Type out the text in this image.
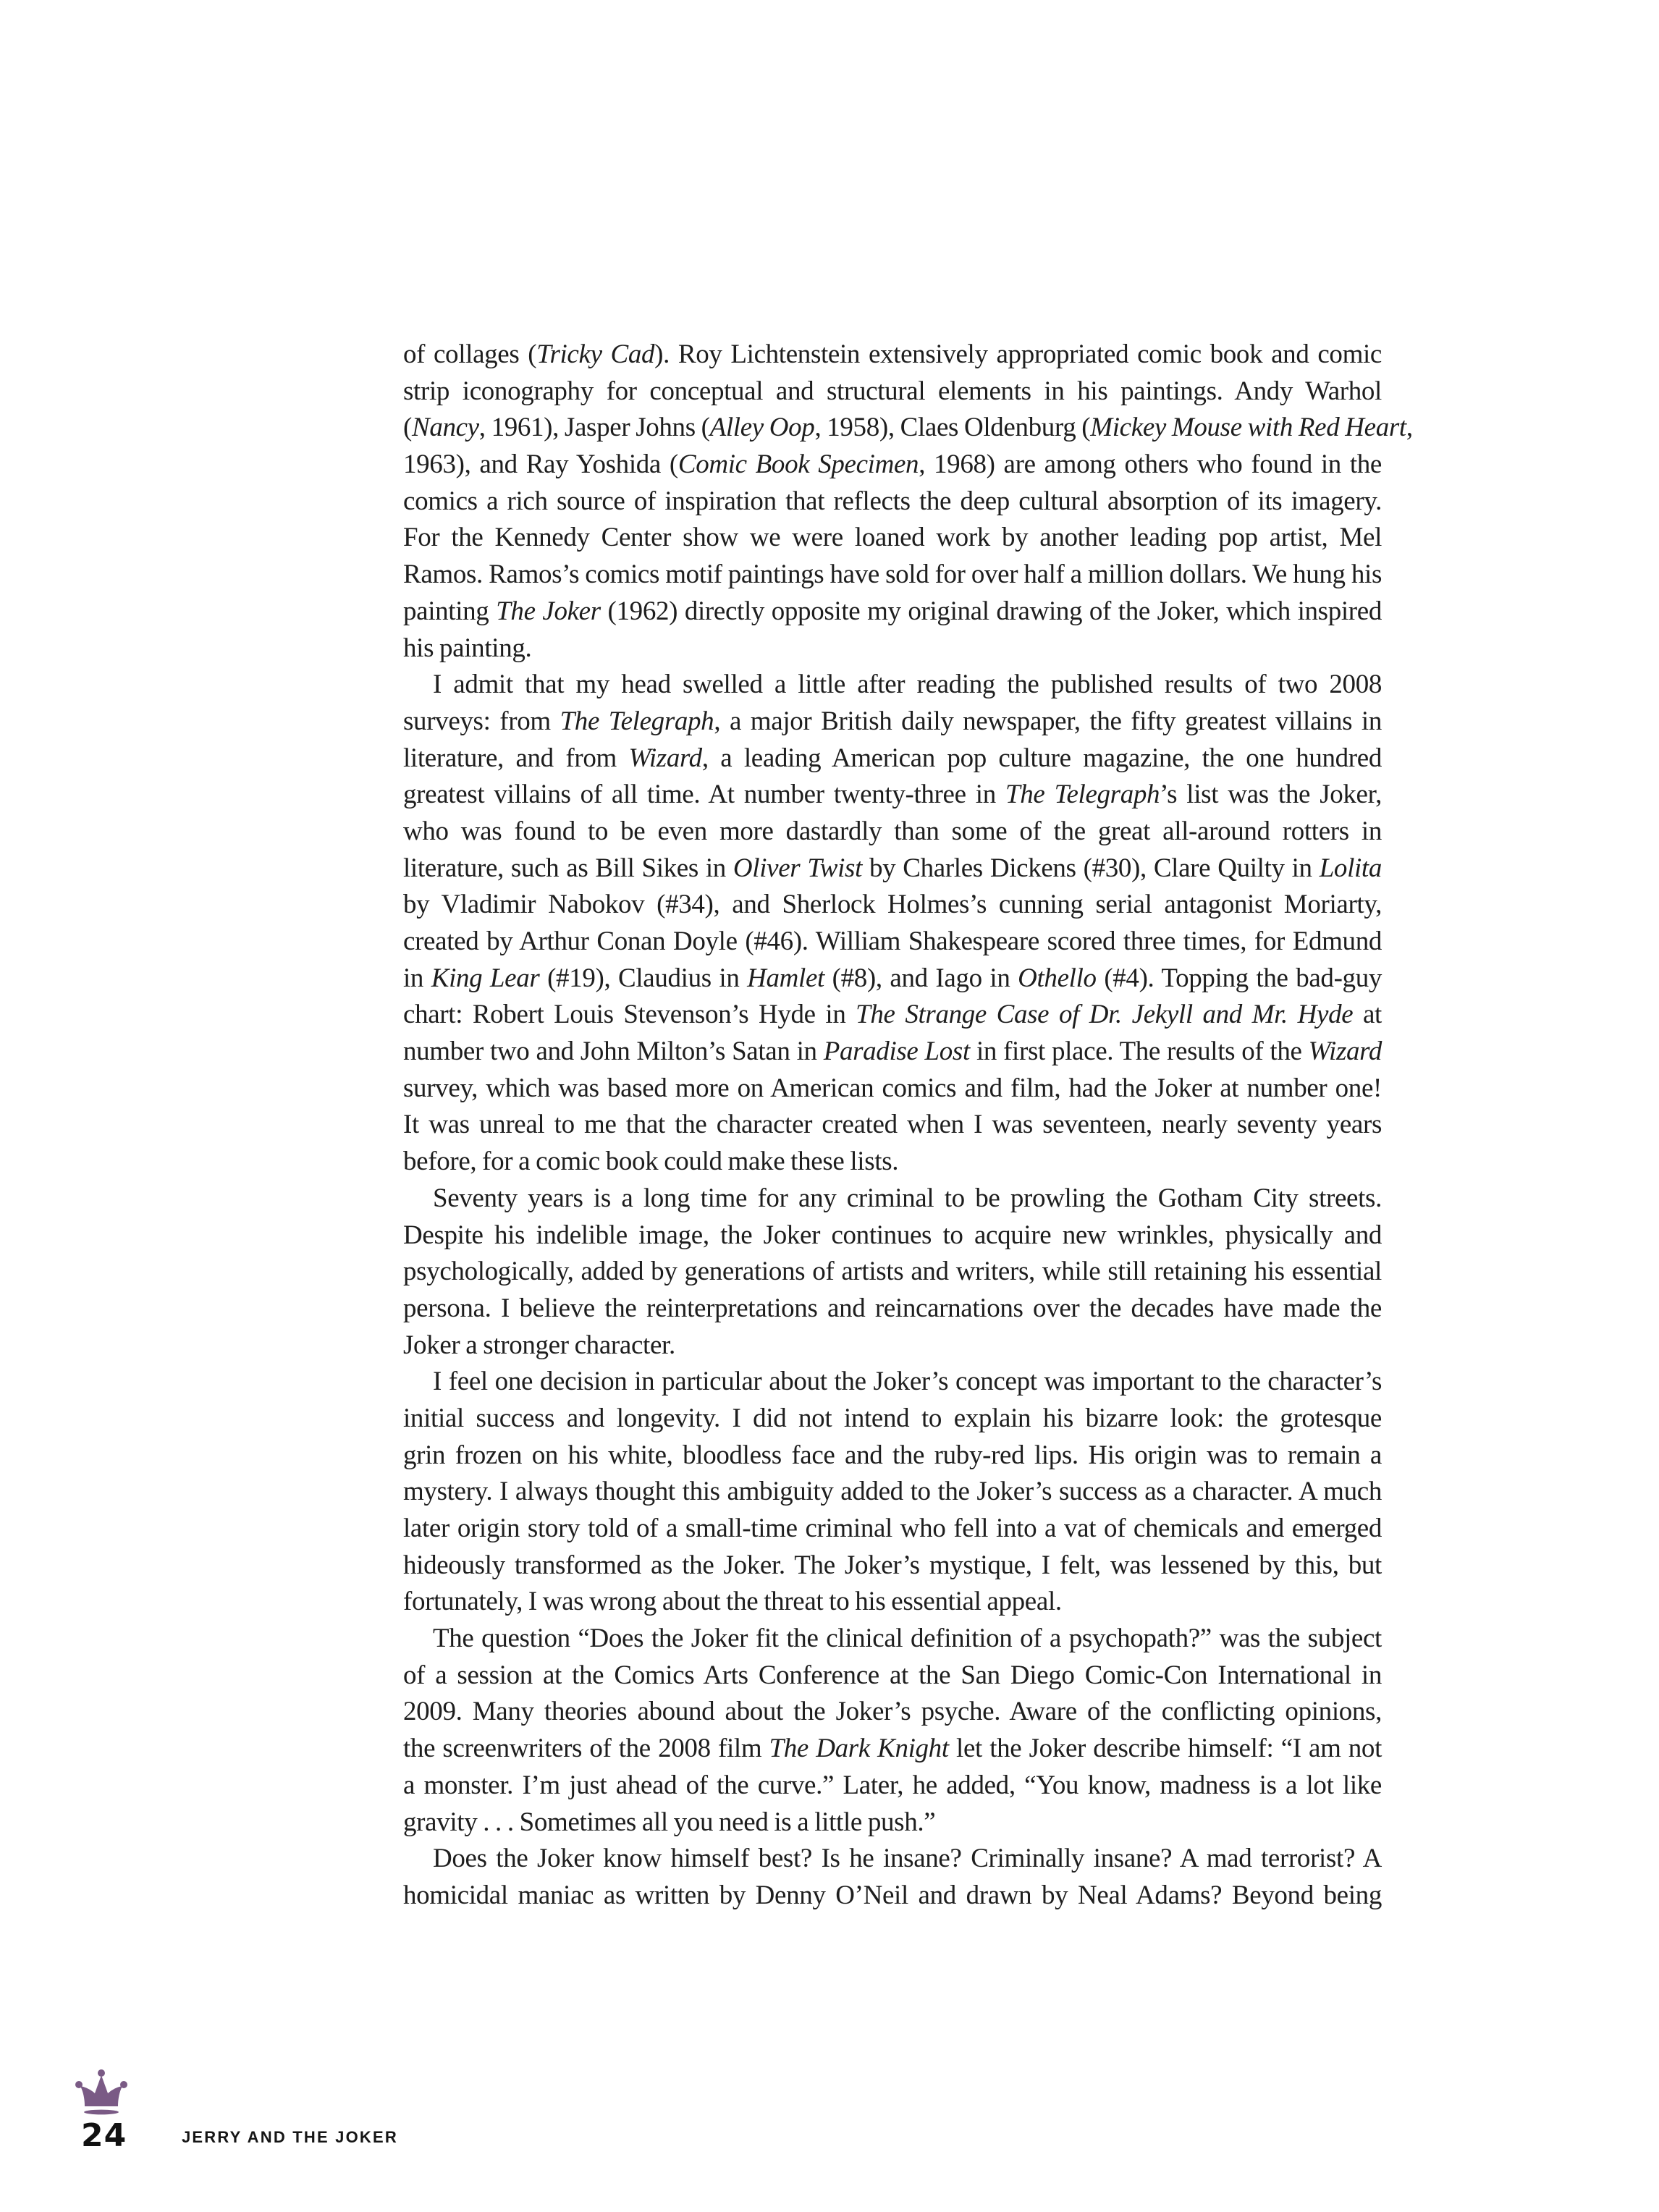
of collages (Tricky Cad). Roy Lichtenstein extensively appropriated comic book and comic
strip iconography for conceptual and structural elements in his paintings. Andy Warhol
(Nancy, 1961), Jasper Johns (Alley Oop, 1958), Claes Oldenburg (Mickey Mouse with Red Heart,
1963), and Ray Yoshida (Comic Book Specimen, 1968) are among others who found in the
comics a rich source of inspiration that reflects the deep cultural absorption of its imagery.
For the Kennedy Center show we were loaned work by another leading pop artist, Mel
Ramos. Ramos’s comics motif paintings have sold for over half a million dollars. We hung his
painting The Joker (1962) directly opposite my original drawing of the Joker, which inspired
his painting.
I admit that my head swelled a little after reading the published results of two 2008
surveys: from The Telegraph, a major British daily newspaper, the fifty greatest villains in
literature, and from Wizard, a leading American pop culture magazine, the one hundred
greatest villains of all time. At number twenty-three in The Telegraph’s list was the Joker,
who was found to be even more dastardly than some of the great all-around rotters in
literature, such as Bill Sikes in Oliver Twist by Charles Dickens (#30), Clare Quilty in Lolita
by Vladimir Nabokov (#34), and Sherlock Holmes’s cunning serial antagonist Moriarty,
created by Arthur Conan Doyle (#46). William Shakespeare scored three times, for Edmund
in King Lear (#19), Claudius in Hamlet (#8), and Iago in Othello (#4). Topping the bad-guy
chart: Robert Louis Stevenson’s Hyde in The Strange Case of Dr. Jekyll and Mr. Hyde at
number two and John Milton’s Satan in Paradise Lost in first place. The results of the Wizard
survey, which was based more on American comics and film, had the Joker at number one!
It was unreal to me that the character created when I was seventeen, nearly seventy years
before, for a comic book could make these lists.
Seventy years is a long time for any criminal to be prowling the Gotham City streets.
Despite his indelible image, the Joker continues to acquire new wrinkles, physically and
psychologically, added by generations of artists and writers, while still retaining his essential
persona. I believe the reinterpretations and reincarnations over the decades have made the
Joker a stronger character.
I feel one decision in particular about the Joker’s concept was important to the character’s
initial success and longevity. I did not intend to explain his bizarre look: the grotesque
grin frozen on his white, bloodless face and the ruby-red lips. His origin was to remain a
mystery. I always thought this ambiguity added to the Joker’s success as a character. A much
later origin story told of a small-time criminal who fell into a vat of chemicals and emerged
hideously transformed as the Joker. The Joker’s mystique, I felt, was lessened by this, but
fortunately, I was wrong about the threat to his essential appeal.
The question “Does the Joker fit the clinical definition of a psychopath?” was the subject
of a session at the Comics Arts Conference at the San Diego Comic-Con International in
2009. Many theories abound about the Joker’s psyche. Aware of the conflicting opinions,
the screenwriters of the 2008 film The Dark Knight let the Joker describe himself: “I am not
a monster. I’m just ahead of the curve.” Later, he added, “You know, madness is a lot like
gravity . . . Sometimes all you need is a little push.”
Does the Joker know himself best? Is he insane? Criminally insane? A mad terrorist? A
homicidal maniac as written by Denny O’Neil and drawn by Neal Adams? Beyond being
24	JERRY AND THE JOKER
